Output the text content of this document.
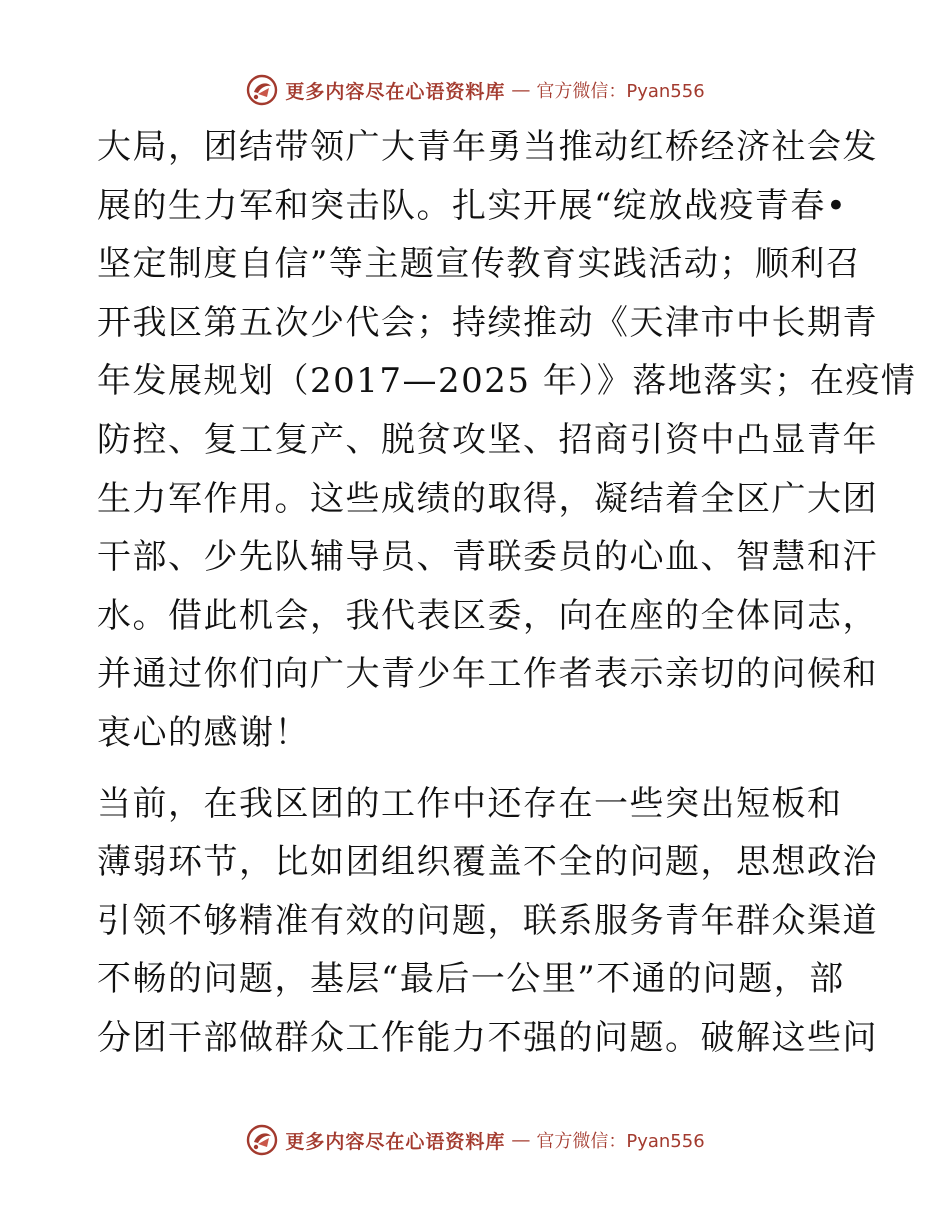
更多内容尽在心语资料库 — 官方微信：Pyan556
大局，团结带领广大青年勇当推动红桥经济社会发
展的生力军和突击队。扎实开展“绽放战疫青春•
坚定制度自信”等主题宣传教育实践活动；顺利召
开我区第五次少代会；持续推动《天津市中长期青
年发展规划（2017—2025 年）》落地落实；在疫情
防控、复工复产、脱贫攻坚、招商引资中凸显青年
生力军作用。这些成绩的取得，凝结着全区广大团
干部、少先队辅导员、青联委员的心血、智慧和汗
水。借此机会，我代表区委，向在座的全体同志，
并通过你们向广大青少年工作者表示亲切的问候和
衷心的感谢！
当前，在我区团的工作中还存在一些突出短板和
薄弱环节，比如团组织覆盖不全的问题，思想政治
引领不够精准有效的问题，联系服务青年群众渠道
不畅的问题，基层“最后一公里”不通的问题，部
分团干部做群众工作能力不强的问题。破解这些问
更多内容尽在心语资料库 — 官方微信：Pyan556
